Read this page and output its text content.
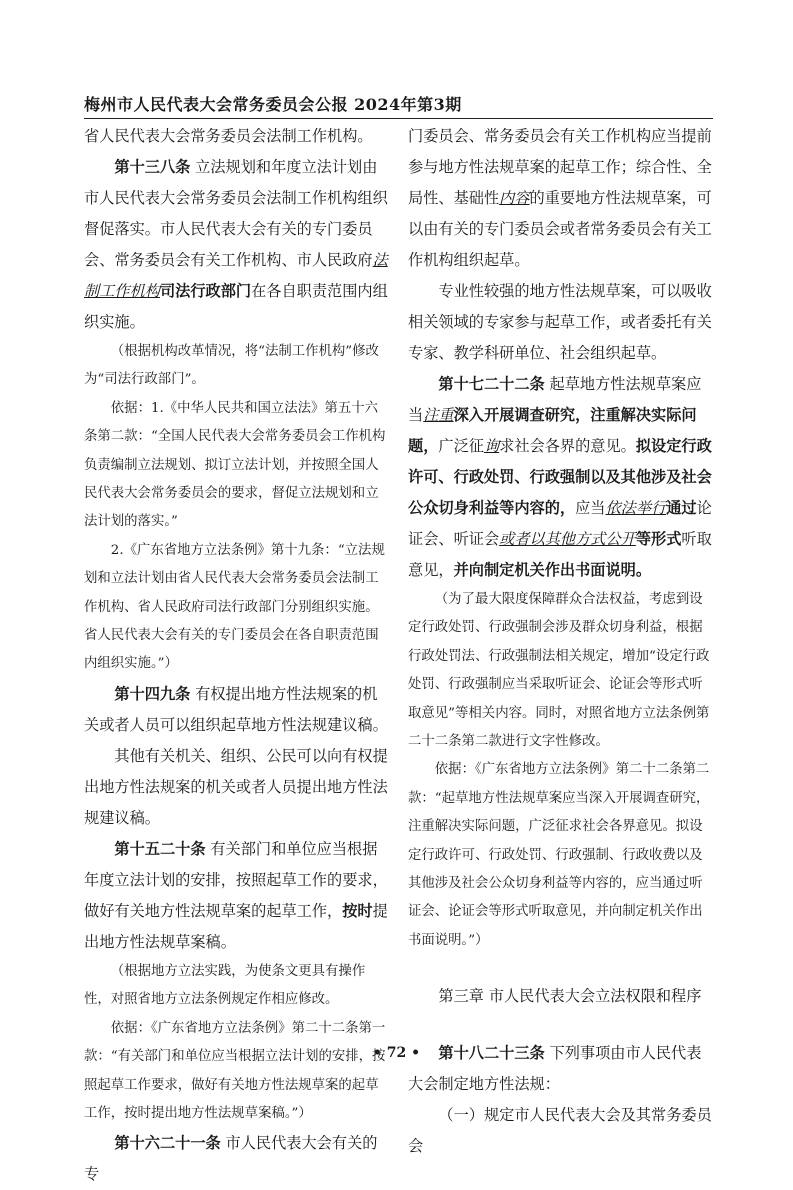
梅州市人民代表大会常务委员会公报 2024年第3期

省人民代表大会常务委员会法制工作机构。

第十三八条 立法规划和年度立法计划由市人民代表大会常务委员会法制工作机构组织督促落实。市人民代表大会有关的专门委员会、常务委员会有关工作机构、市人民政府法制工作机构司法行政部门在各自职责范围内组织实施。

（根据机构改革情况，将“法制工作机构”修改为“司法行政部门”。

依据：1.《中华人民共和国立法法》第五十六条第二款：“全国人民代表大会常务委员会工作机构负责编制立法规划、拟订立法计划，并按照全国人民代表大会常务委员会的要求，督促立法规划和立法计划的落实。”

2.《广东省地方立法条例》第十九条：“立法规划和立法计划由省人民代表大会常务委员会法制工作机构、省人民政府司法行政部门分别组织实施。省人民代表大会有关的专门委员会在各自职责范围内组织实施。”）

第十四九条 有权提出地方性法规案的机关或者人员可以组织起草地方性法规建议稿。

其他有关机关、组织、公民可以向有权提出地方性法规案的机关或者人员提出地方性法规建议稿。

第十五二十条 有关部门和单位应当根据年度立法计划的安排，按照起草工作的要求，做好有关地方性法规草案的起草工作，按时提出地方性法规草案稿。

（根据地方立法实践，为使条文更具有操作性，对照省地方立法条例规定作相应修改。

依据：《广东省地方立法条例》第二十二条第一款：“有关部门和单位应当根据立法计划的安排，按照起草工作要求，做好有关地方性法规草案的起草工作，按时提出地方性法规草案稿。”）

第十六二十一条 市人民代表大会有关的专

门委员会、常务委员会有关工作机构应当提前参与地方性法规草案的起草工作；综合性、全局性、基础性内容的重要地方性法规草案，可以由有关的专门委员会或者常务委员会有关工作机构组织起草。

专业性较强的地方性法规草案，可以吸收相关领域的专家参与起草工作，或者委托有关专家、教学科研单位、社会组织起草。

第十七二十二条 起草地方性法规草案应当注重深入开展调查研究，注重解决实际问题，广泛征询求社会各界的意见。拟设定行政许可、行政处罚、行政强制以及其他涉及社会公众切身利益等内容的，应当依法举行通过论证会、听证会或者以其他方式公开等形式听取意见，并向制定机关作出书面说明。

（为了最大限度保障群众合法权益，考虑到设定行政处罚、行政强制会涉及群众切身利益，根据行政处罚法、行政强制法相关规定，增加“设定行政处罚、行政强制应当采取听证会、论证会等形式听取意见”等相关内容。同时，对照省地方立法条例第二十二条第二款进行文字性修改。

依据：《广东省地方立法条例》第二十二条第二款：“起草地方性法规草案应当深入开展调查研究，注重解决实际问题，广泛征求社会各界意见。拟设定行政许可、行政处罚、行政强制、行政收费以及其他涉及社会公众切身利益等内容的，应当通过听证会、论证会等形式听取意见，并向制定机关作出书面说明。”）

第三章 市人民代表大会立法权限和程序

第十八二十三条 下列事项由市人民代表大会制定地方性法规：

（一）规定市人民代表大会及其常务委员会

• 72 •
